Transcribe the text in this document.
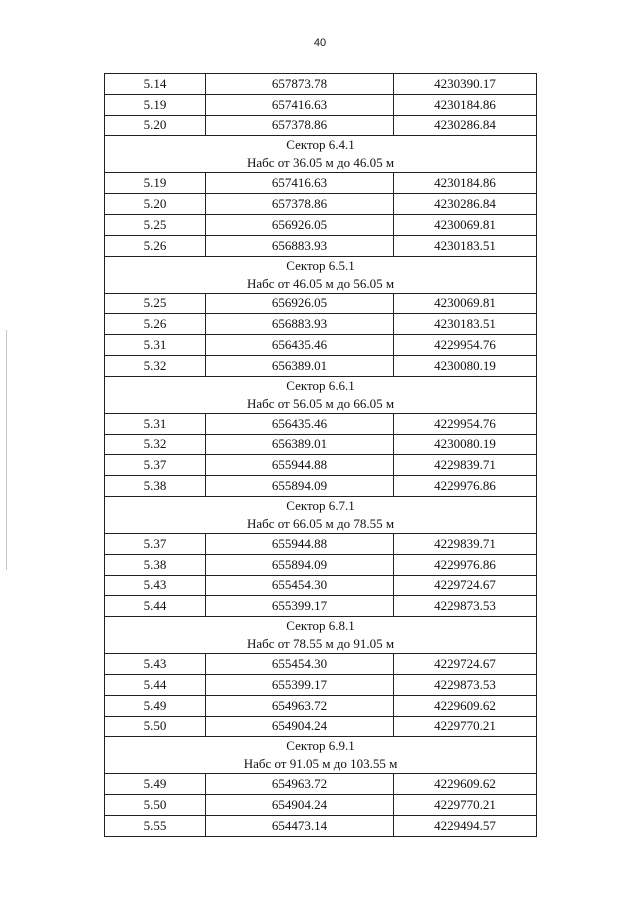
40
5.14	657873.78	4230390.17
5.19	657416.63	4230184.86
5.20	657378.86	4230286.84

Сектор 6.4.1
Набс от 36.05 м до 46.05 м		

5.19	657416.63	4230184.86
5.20	657378.86	4230286.84
5.25	656926.05	4230069.81
5.26	656883.93	4230183.51

Сектор 6.5.1
Набс от 46.05 м до 56.05 м		

5.25	656926.05	4230069.81
5.26	656883.93	4230183.51
5.31	656435.46	4229954.76
5.32	656389.01	4230080.19

Сектор 6.6.1
Набс от 56.05 м до 66.05 м		

5.31	656435.46	4229954.76
5.32	656389.01	4230080.19
5.37	655944.88	4229839.71
5.38	655894.09	4229976.86

Сектор 6.7.1
Набс от 66.05 м до 78.55 м		

5.37	655944.88	4229839.71
5.38	655894.09	4229976.86
5.43	655454.30	4229724.67
5.44	655399.17	4229873.53

Сектор 6.8.1
Набс от 78.55 м до 91.05 м		

5.43	655454.30	4229724.67
5.44	655399.17	4229873.53
5.49	654963.72	4229609.62
5.50	654904.24	4229770.21

Сектор 6.9.1
Набс от 91.05 м до 103.55 м		

5.49	654963.72	4229609.62
5.50	654904.24	4229770.21
5.55	654473.14	4229494.57
